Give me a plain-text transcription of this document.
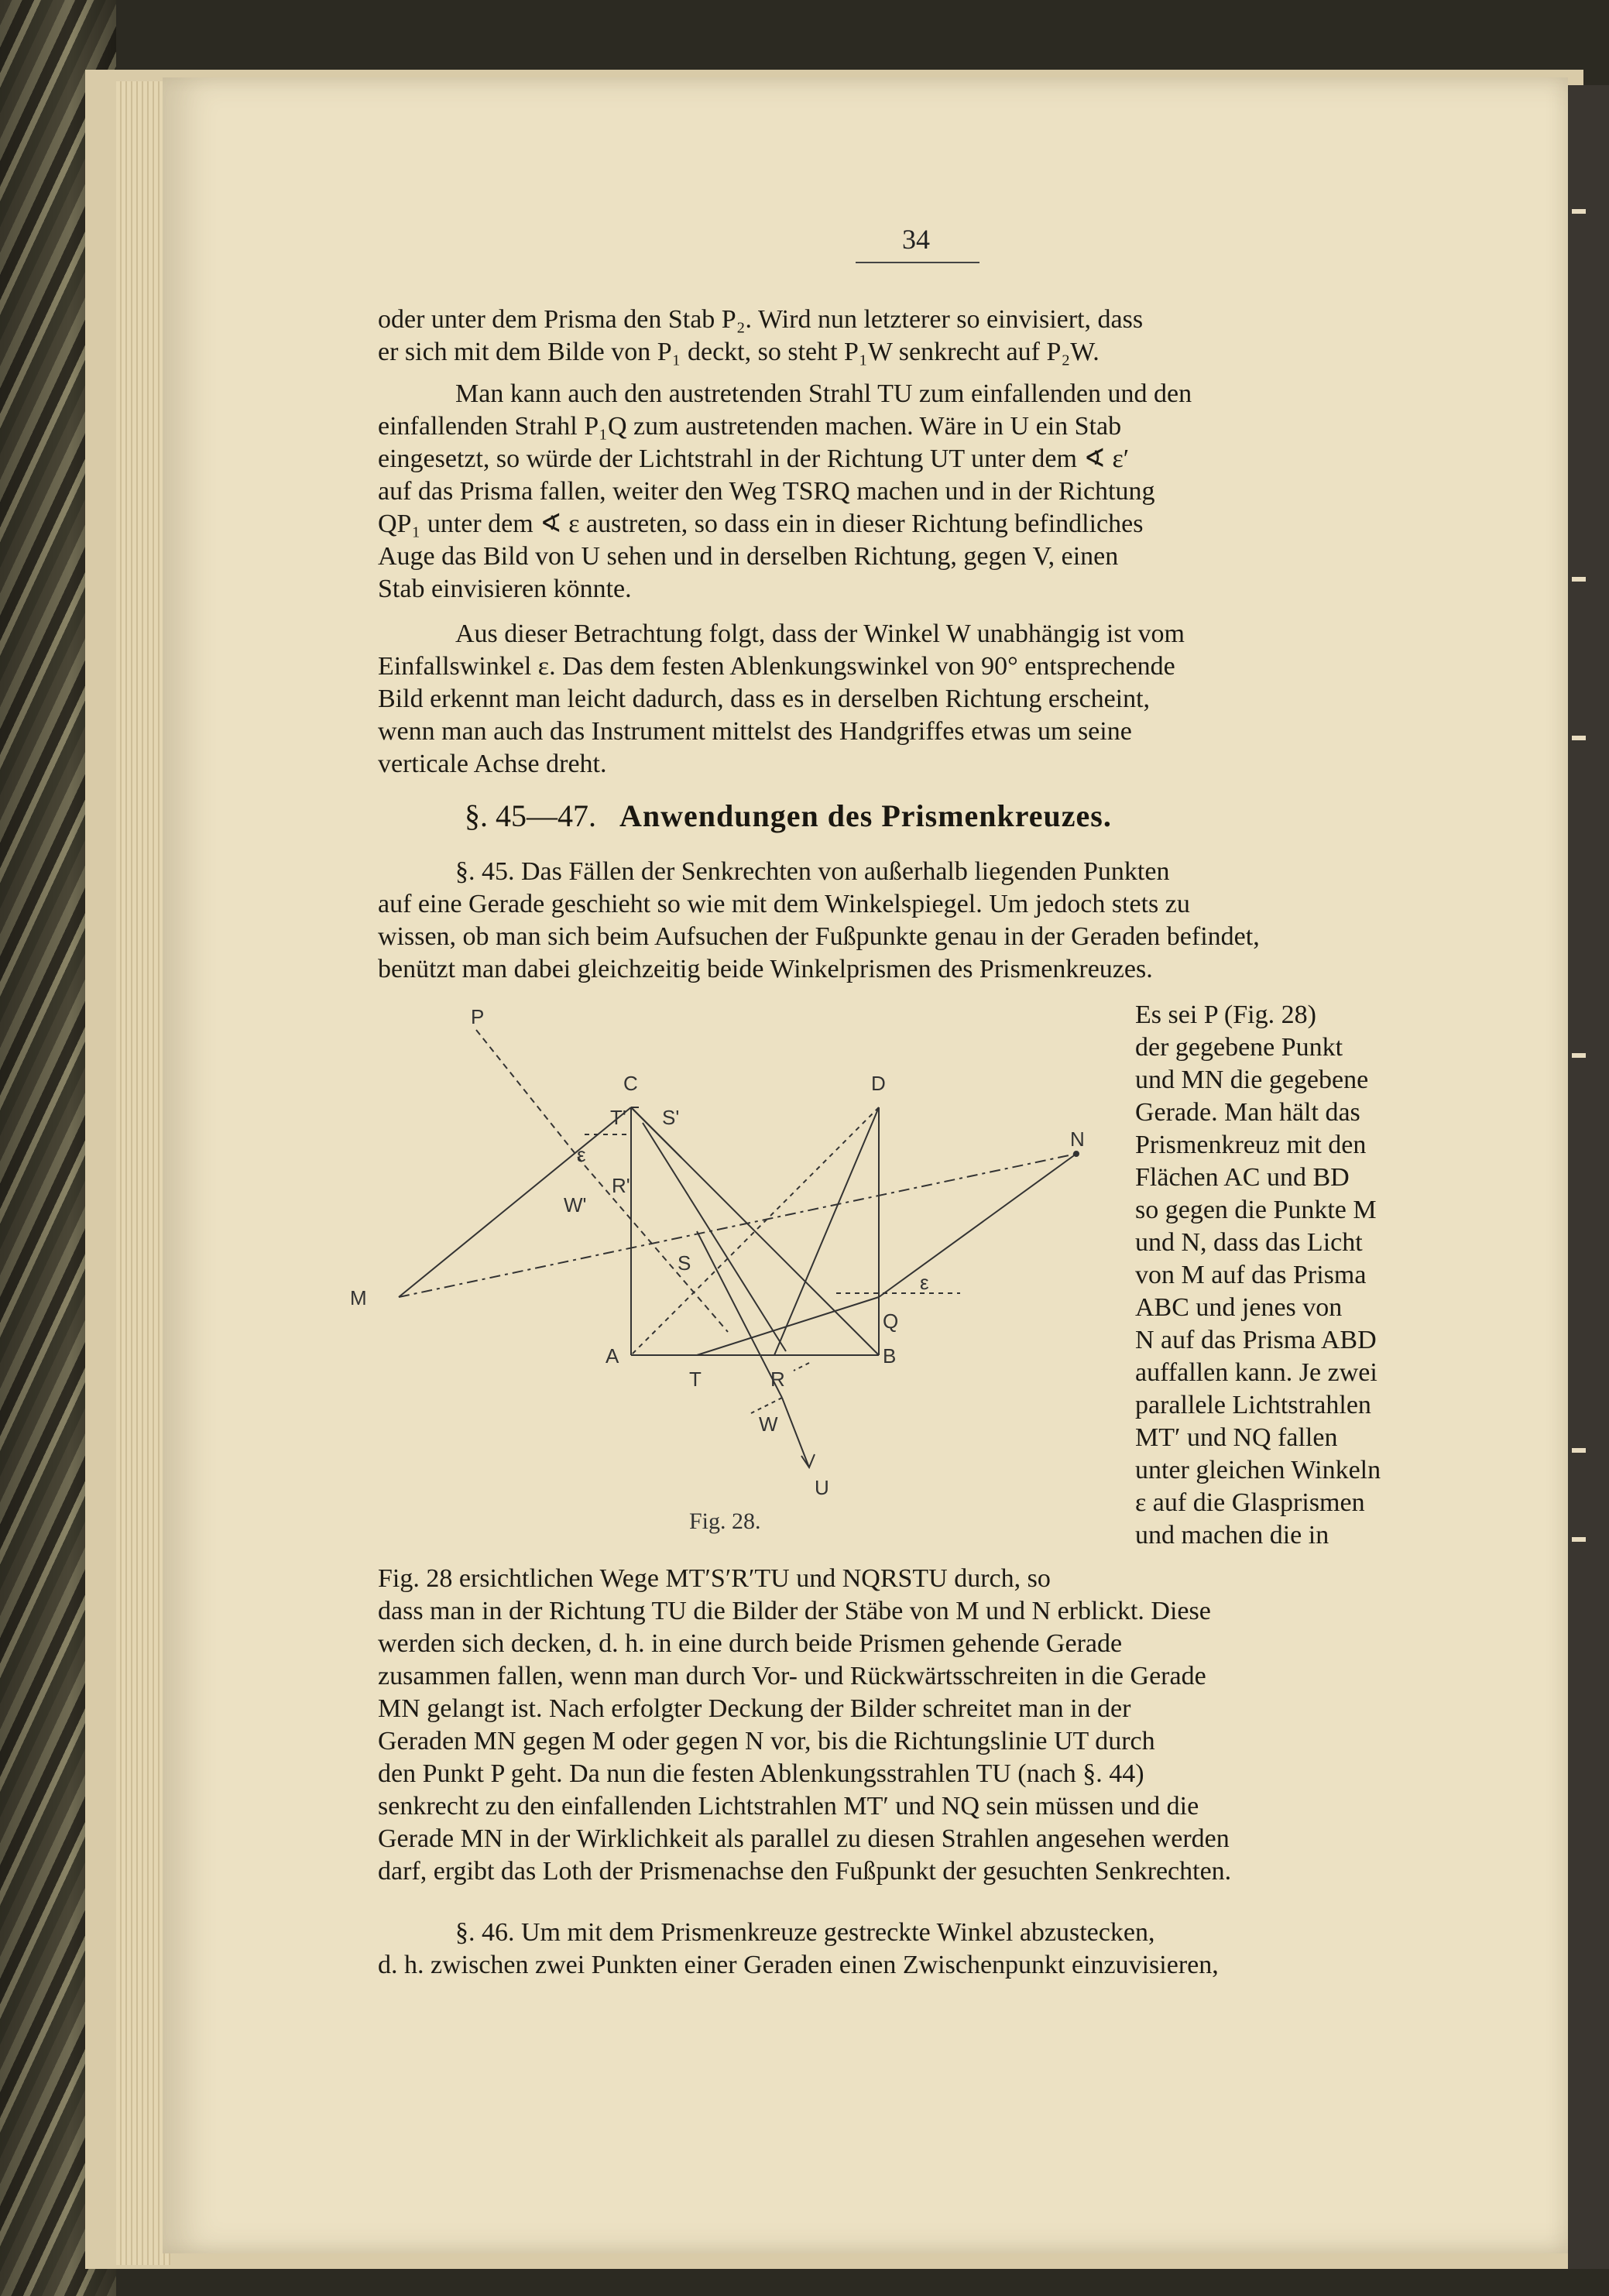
34
oder unter dem Prisma den Stab P₂. Wird nun letzterer so einvisiert, dass
er sich mit dem Bilde von P₁ deckt, so steht P₁W senkrecht auf P₂W.
Man kann auch den austretenden Strahl TU zum einfallenden und den
einfallenden Strahl P₁Q zum austretenden machen. Wäre in U ein Stab
eingesetzt, so würde der Lichtstrahl in der Richtung UT unter dem ∢ ε′
auf das Prisma fallen, weiter den Weg TSRQ machen und in der Richtung
QP₁ unter dem ∢ ε austreten, so dass ein in dieser Richtung befindliches
Auge das Bild von U sehen und in derselben Richtung, gegen V, einen
Stab einvisieren könnte.
Aus dieser Betrachtung folgt, dass der Winkel W unabhängig ist vom
Einfallswinkel ε. Das dem festen Ablenkungswinkel von 90° entsprechende
Bild erkennt man leicht dadurch, dass es in derselben Richtung erscheint,
wenn man auch das Instrument mittelst des Handgriffes etwas um seine
verticale Achse dreht.
§. 45—47. Anwendungen des Prismenkreuzes.
§. 45. Das Fällen der Senkrechten von außerhalb liegenden Punkten
auf eine Gerade geschieht so wie mit dem Winkelspiegel. Um jedoch stets zu
wissen, ob man sich beim Aufsuchen der Fußpunkte genau in der Geraden befindet,
benützt man dabei gleichzeitig beide Winkelprismen des Prismenkreuzes.
Es sei P (Fig. 28)
der gegebene Punkt
und MN die gegebene
Gerade. Man hält das
Prismenkreuz mit den
Flächen AC und BD
so gegen die Punkte M
und N, dass das Licht
von M auf das Prisma
ABC und jenes von
N auf das Prisma ABD
auffallen kann. Je zwei
parallele Lichtstrahlen
MT′ und NQ fallen
unter gleichen Winkeln
ε auf die Glasprismen
und machen die in
P
C	D
T' S'
N
ε
R'
W'
M
S
ε
Q
A	B
T	R
W
U
Fig. 28.
Fig. 28 ersichtlichen Wege MT′S′R′TU und NQRSTU durch, so
dass man in der Richtung TU die Bilder der Stäbe von M und N erblickt. Diese
werden sich decken, d. h. in eine durch beide Prismen gehende Gerade
zusammen fallen, wenn man durch Vor- und Rückwärtsschreiten in die Gerade
MN gelangt ist. Nach erfolgter Deckung der Bilder schreitet man in der
Geraden MN gegen M oder gegen N vor, bis die Richtungslinie UT durch
den Punkt P geht. Da nun die festen Ablenkungsstrahlen TU (nach §. 44)
senkrecht zu den einfallenden Lichtstrahlen MT′ und NQ sein müssen und die
Gerade MN in der Wirklichkeit als parallel zu diesen Strahlen angesehen werden
darf, ergibt das Loth der Prismenachse den Fußpunkt der gesuchten Senkrechten.
§. 46. Um mit dem Prismenkreuze gestreckte Winkel abzustecken,
d. h. zwischen zwei Punkten einer Geraden einen Zwischenpunkt einzuvisieren,
